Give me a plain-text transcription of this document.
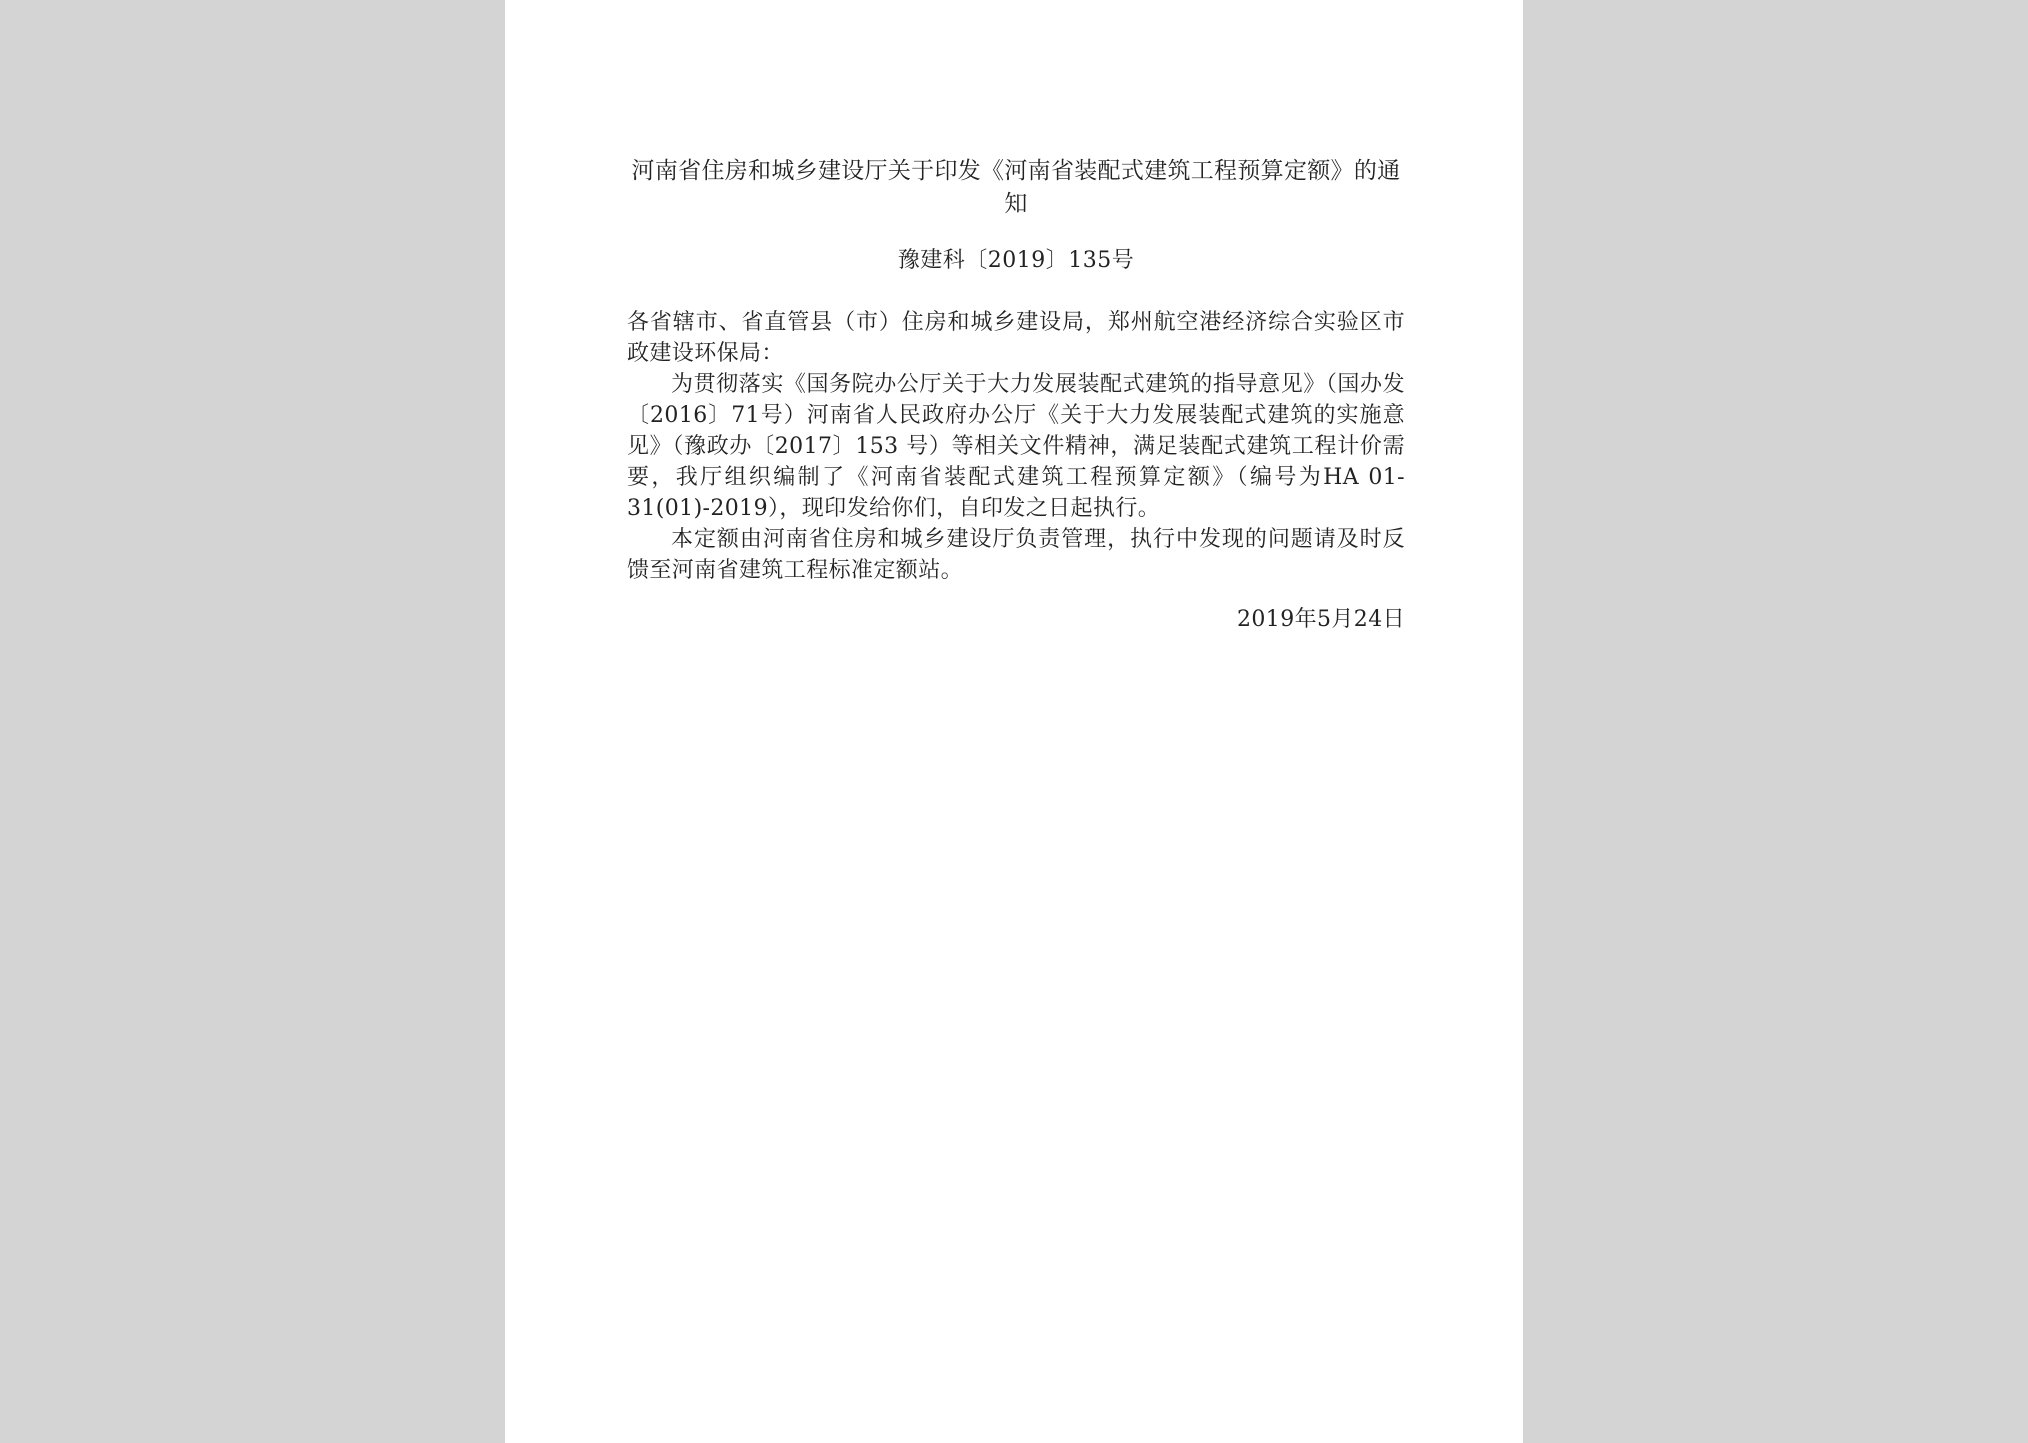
河南省住房和城乡建设厅关于印发《河南省装配式建筑工程预算定额》的通知
豫建科〔2019〕135号

各省辖市、省直管县（市）住房和城乡建设局，郑州航空港经济综合实验区市政建设环保局：

为贯彻落实《国务院办公厅关于大力发展装配式建筑的指导意见》（国办发〔2016〕71号）河南省人民政府办公厅《关于大力发展装配式建筑的实施意见》（豫政办〔2017〕153 号）等相关文件精神，满足装配式建筑工程计价需要，我厅组织编制了《河南省装配式建筑工程预算定额》（编号为HA 01-31(01)-2019），现印发给你们，自印发之日起执行。

本定额由河南省住房和城乡建设厅负责管理，执行中发现的问题请及时反馈至河南省建筑工程标准定额站。

2019年5月24日
